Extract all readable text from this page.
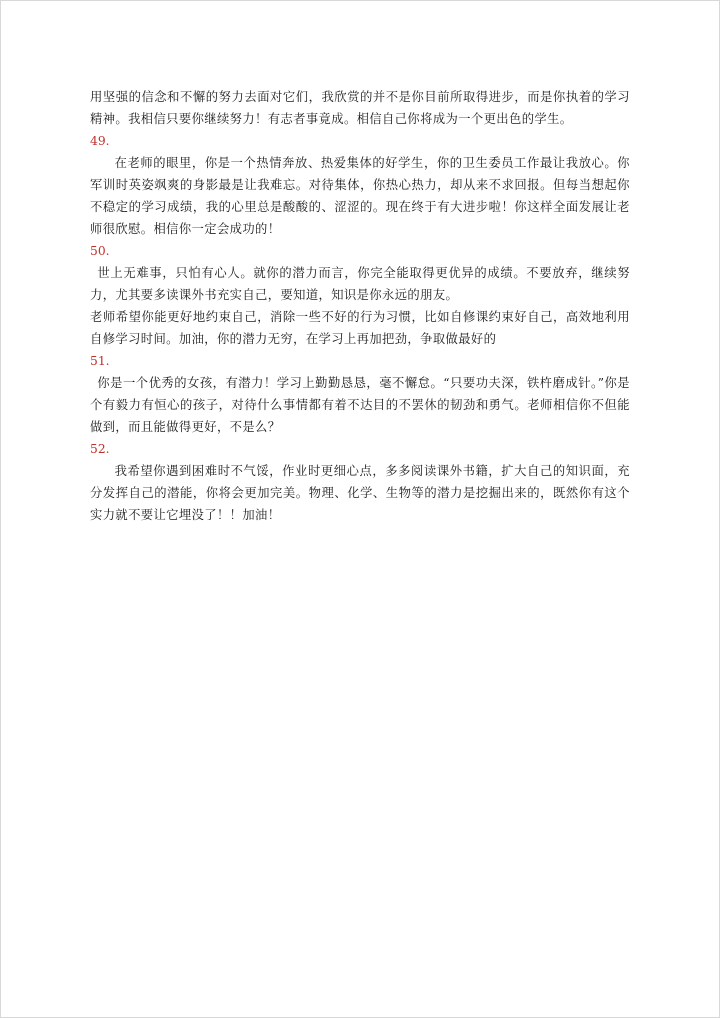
用坚强的信念和不懈的努力去面对它们，我欣赏的并不是你目前所取得进步，而是你执着的学习精神。我相信只要你继续努力！有志者事竟成。相信自己你将成为一个更出色的学生。

49.

在老师的眼里，你是一个热情奔放、热爱集体的好学生，你的卫生委员工作最让我放心。你军训时英姿飒爽的身影最是让我难忘。对待集体，你热心热力，却从来不求回报。但每当想起你不稳定的学习成绩，我的心里总是酸酸的、涩涩的。现在终于有大进步啦！你这样全面发展让老师很欣慰。相信你一定会成功的！

50.

世上无难事，只怕有心人。就你的潜力而言，你完全能取得更优异的成绩。不要放弃，继续努力，尤其要多读课外书充实自己，要知道，知识是你永远的朋友。

老师希望你能更好地约束自己，消除一些不好的行为习惯，比如自修课约束好自己，高效地利用自修学习时间。加油，你的潜力无穷，在学习上再加把劲，争取做最好的

51.

你是一个优秀的女孩，有潜力！学习上勤勤恳恳，毫不懈怠。“只要功夫深，铁杵磨成针。”你是个有毅力有恒心的孩子，对待什么事情都有着不达目的不罢休的韧劲和勇气。老师相信你不但能做到，而且能做得更好，不是么？

52.

我希望你遇到困难时不气馁，作业时更细心点，多多阅读课外书籍，扩大自己的知识面，充分发挥自己的潜能，你将会更加完美。物理、化学、生物等的潜力是挖掘出来的，既然你有这个实力就不要让它埋没了！！加油！
